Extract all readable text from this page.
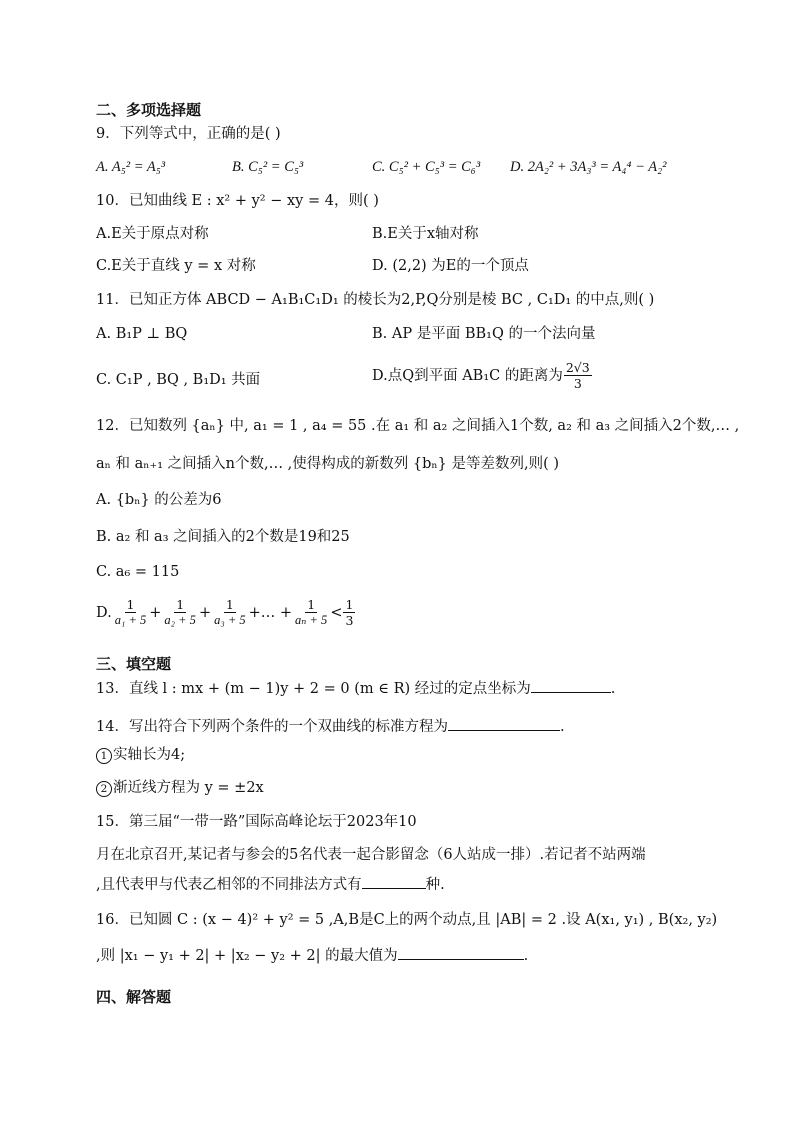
二、多项选择题
9．下列等式中，正确的是( )
A. A₅² = A₅³	B. C₅² = C₅³	C. C₅² + C₅³ = C₆³ D. 2A₂² + 3A₃³ = A₄⁴ − A₂²
10．已知曲线 E : x² + y² − xy = 4，则( )
A.E关于原点对称	B.E关于x轴对称
C.E关于直线 y = x 对称	D. (2,2) 为E的一个顶点
11．已知正方体 ABCD − A₁B₁C₁D₁ 的棱长为2,P,Q分别是棱 BC , C₁D₁ 的中点,则( )
A. B₁P ⊥ BQ	B. AP 是平面 BB₁Q 的一个法向量
C. C₁P , BQ , B₁D₁ 共面	D.点Q到平面 AB₁C 的距离为 $\frac{2√3}{3}$
12．已知数列 {aₙ} 中, a₁ = 1 , a₄ = 55 .在 a₁ 和 a₂ 之间插入1个数, a₂ 和 a₃ 之间插入2个数,… ,
aₙ 和 aₙ₊₁ 之间插入n个数,… ,使得构成的新数列 {bₙ} 是等差数列,则( )
A. {bₙ} 的公差为6
B. a₂ 和 a₃ 之间插入的2个数是19和25
C. a₆ = 115
D. $\frac{1}{\text{a₁ + 5}} + \frac{1}{\text{a₂ + 5}} + \frac{1}{\text{a₃ + 5}}$ +… + $\frac{1}{\text{aₙ + 5}} < \frac{1}{3}$
三、填空题
13．直线 l : mx + (m − 1)y + 2 = 0 (m ∈ R) 经过的定点坐标为	.
14．写出符合下列两个条件的一个双曲线的标准方程为	.
1 实轴长为4;
2 渐近线方程为 y = ±2x
15．第三届“一带一路”国际高峰论坛于2023年10
月在北京召开,某记者与参会的5名代表一起合影留念（6人站成一排）.若记者不站两端
,且代表甲与代表乙相邻的不同排法方式有	种.
16．已知圆 C : (x − 4)² + y² = 5 ,A,B是C上的两个动点,且 |AB| = 2 .设 A(x₁, y₁) , B(x₂, y₂)
,则 |x₁ − y₁ + 2| + |x₂ − y₂ + 2| 的最大值为	.
四、解答题
